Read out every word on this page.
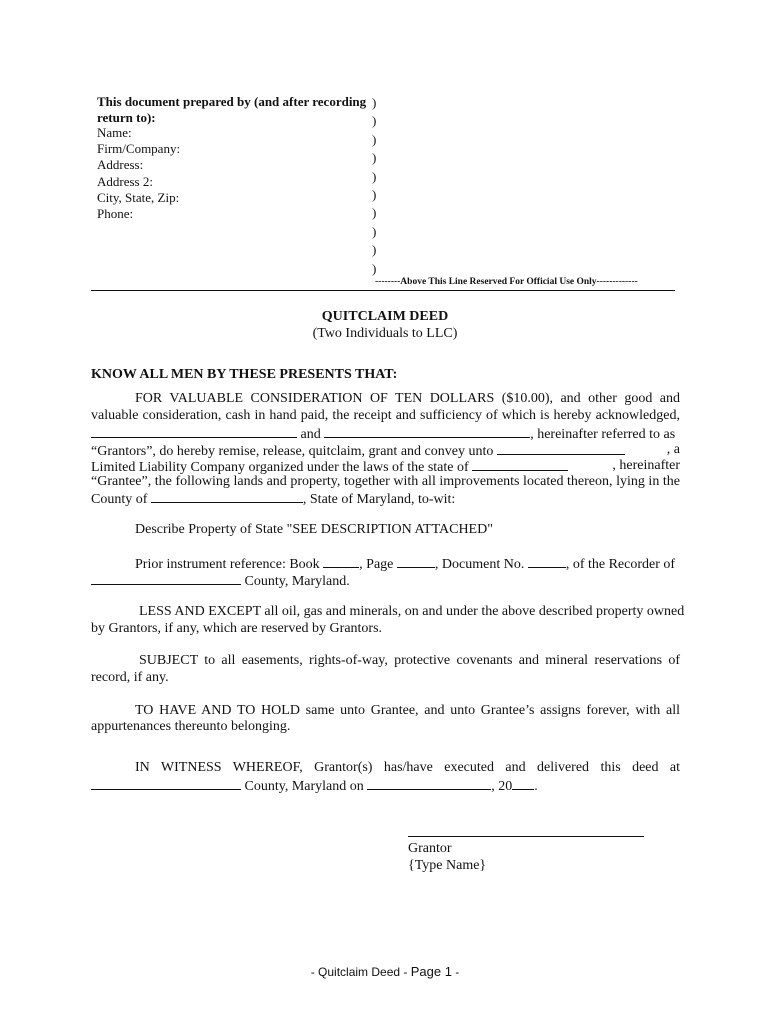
This document prepared by (and after recording return to):
Name:
Firm/Company:
Address:
Address 2:
City, State, Zip:
Phone:
)
)
)
)
)
)
)
)
)
)
--------Above This Line Reserved For Official Use Only-------------
QUITCLAIM DEED
(Two Individuals to LLC)
KNOW ALL MEN BY THESE PRESENTS THAT:
FOR VALUABLE CONSIDERATION OF TEN DOLLARS ($10.00), and other good and
valuable consideration, cash in hand paid, the receipt and sufficiency of which is hereby acknowledged,
and	, hereinafter referred to as
“Grantors”, do hereby remise, release, quitclaim, grant and convey unto	, a
Limited Liability Company organized under the laws of the state of	, hereinafter
“Grantee”, the following lands and property, together with all improvements located thereon, lying in the
County of	, State of Maryland, to-wit:
Describe Property of State "SEE DESCRIPTION ATTACHED"
Prior instrument reference: Book	, Page	, Document No.	, of the Recorder of
County, Maryland.
LESS AND EXCEPT all oil, gas and minerals, on and under the above described property owned
by Grantors, if any, which are reserved by Grantors.
SUBJECT to all easements, rights-of-way, protective covenants and mineral reservations of
record, if any.
TO HAVE AND TO HOLD same unto Grantee, and unto Grantee’s assigns forever, with all
appurtenances thereunto belonging.
IN WITNESS WHEREOF, Grantor(s) has/have executed and delivered this deed at
County, Maryland on	, 20 .
Grantor
{Type Name}
- Quitclaim Deed - Page 1 -
